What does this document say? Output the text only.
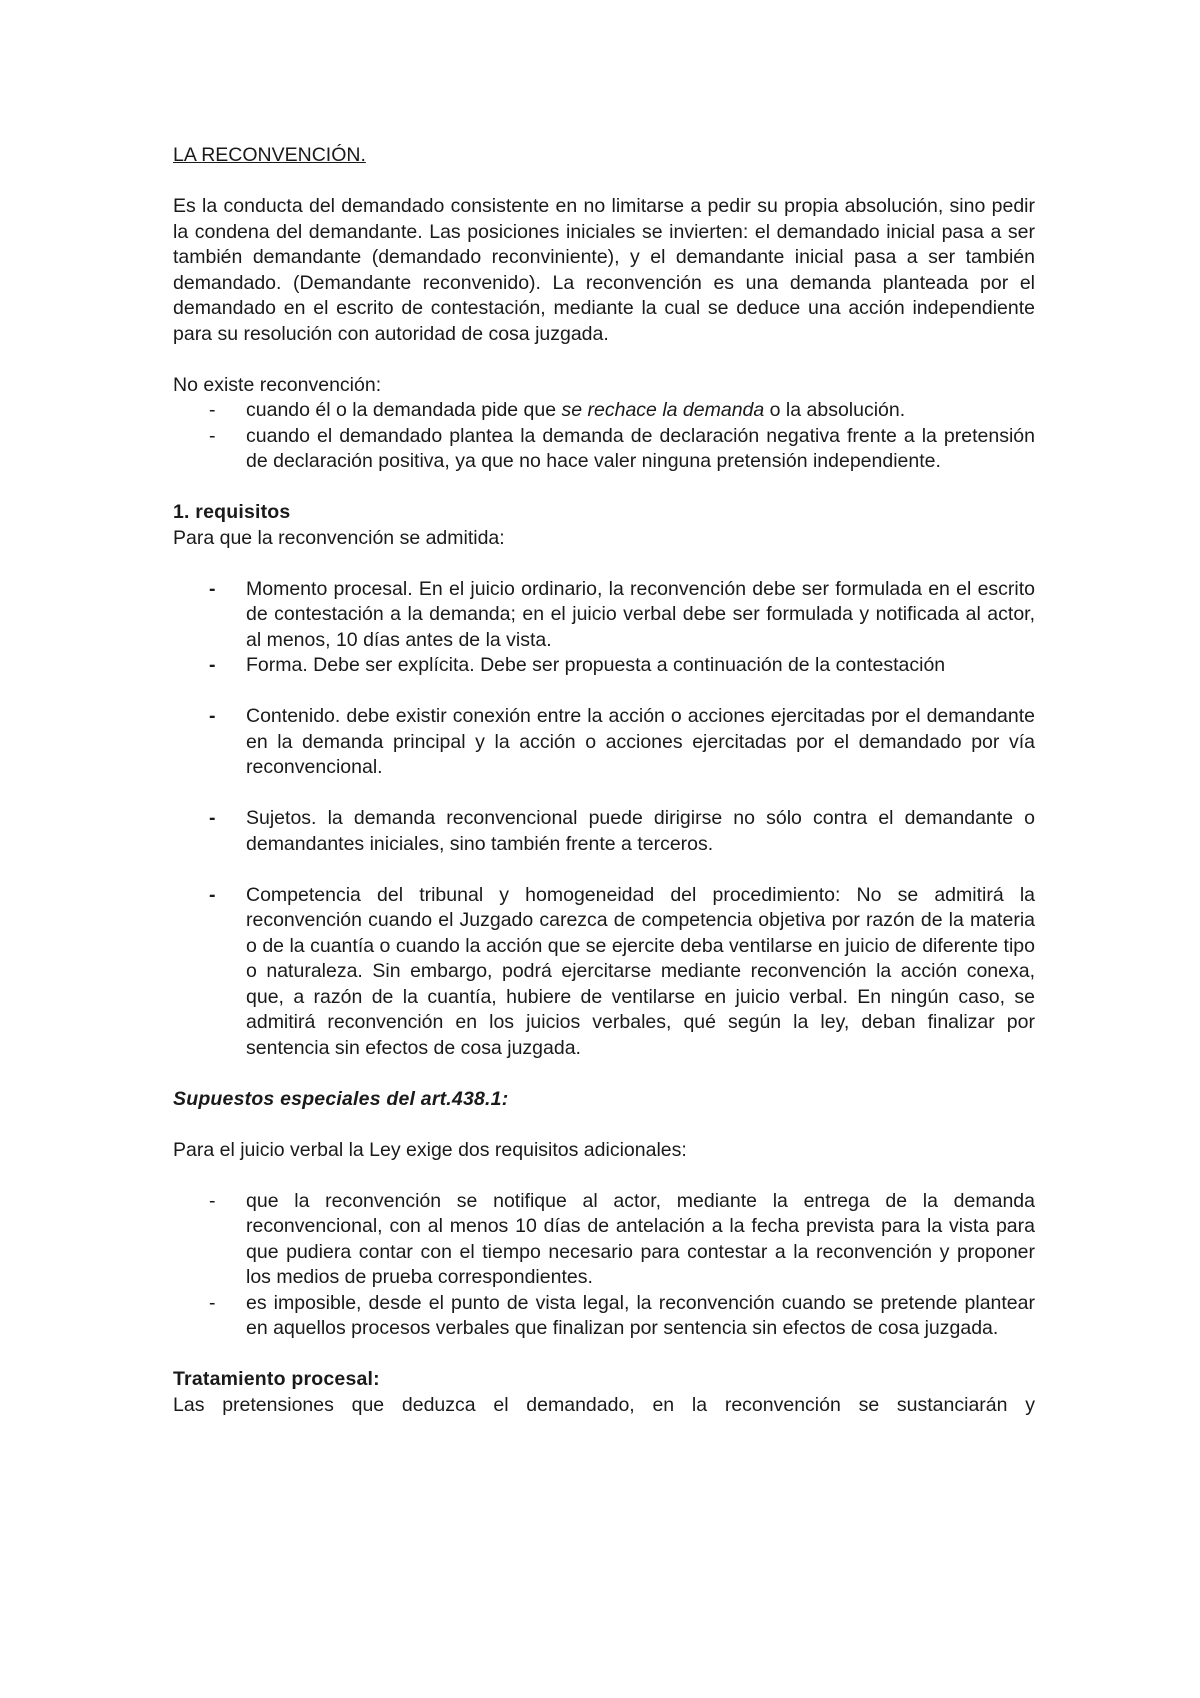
LA RECONVENCIÓN.

Es la conducta del demandado consistente en no limitarse a pedir su propia absolución, sino pedir la condena del demandante. Las posiciones iniciales se invierten: el demandado inicial pasa a ser también demandante (demandado reconviniente), y el demandante inicial pasa a ser también demandado. (Demandante reconvenido). La reconvención es una demanda planteada por el demandado en el escrito de contestación, mediante la cual se deduce una acción independiente para su resolución con autoridad de cosa juzgada.

No existe reconvención:

- cuando él o la demandada pide que se rechace la demanda o la absolución.
- cuando el demandado plantea la demanda de declaración negativa frente a la pretensión de declaración positiva, ya que no hace valer ninguna pretensión independiente.

1. requisitos

Para que la reconvención se admitida:

- Momento procesal. En el juicio ordinario, la reconvención debe ser formulada en el escrito de contestación a la demanda; en el juicio verbal debe ser formulada y notificada al actor, al menos, 10 días antes de la vista.
- Forma. Debe ser explícita. Debe ser propuesta a continuación de la contestación
- Contenido. debe existir conexión entre la acción o acciones ejercitadas por el demandante en la demanda principal y la acción o acciones ejercitadas por el demandado por vía reconvencional.
- Sujetos. la demanda reconvencional puede dirigirse no sólo contra el demandante o demandantes iniciales, sino también frente a terceros.
- Competencia del tribunal y homogeneidad del procedimiento: No se admitirá la reconvención cuando el Juzgado carezca de competencia objetiva por razón de la materia o de la cuantía o cuando la acción que se ejercite deba ventilarse en juicio de diferente tipo o naturaleza. Sin embargo, podrá ejercitarse mediante reconvención la acción conexa, que, a razón de la cuantía, hubiere de ventilarse en juicio verbal. En ningún caso, se admitirá reconvención en los juicios verbales, qué según la ley, deban finalizar por sentencia sin efectos de cosa juzgada.

Supuestos especiales del art.438.1:

Para el juicio verbal la Ley exige dos requisitos adicionales:

- que la reconvención se notifique al actor, mediante la entrega de la demanda reconvencional, con al menos 10 días de antelación a la fecha prevista para la vista para que pudiera contar con el tiempo necesario para contestar a la reconvención y proponer los medios de prueba correspondientes.
- es imposible, desde el punto de vista legal, la reconvención cuando se pretende plantear en aquellos procesos verbales que finalizan por sentencia sin efectos de cosa juzgada.

Tratamiento procesal:

Las pretensiones que deduzca el demandado, en la reconvención se sustanciarán y
